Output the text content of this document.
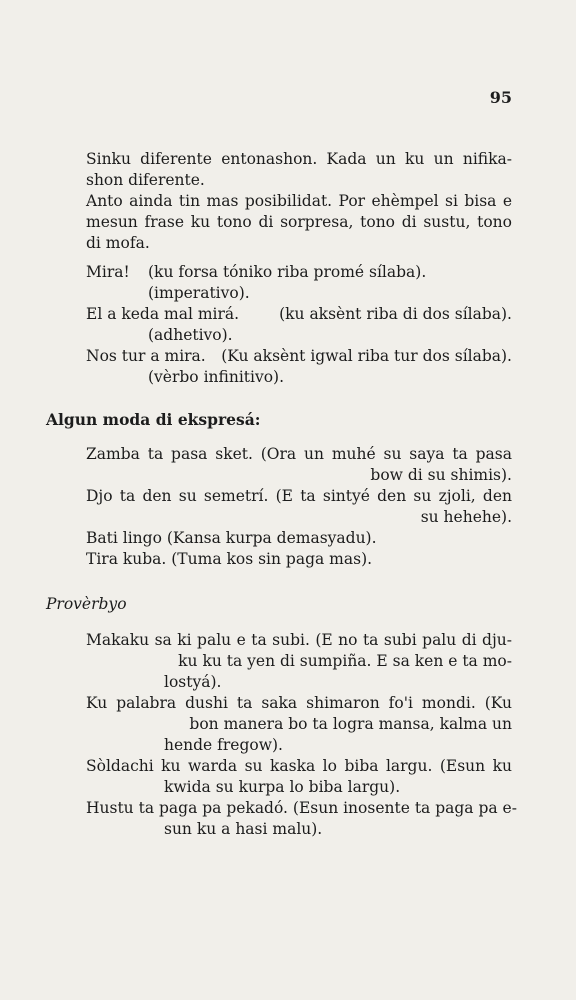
95
Sinku diferente entonashon. Kada un ku un nifika-
shon diferente.
Anto ainda tin mas posibilidat. Por ehèmpel si bisa e
mesun frase ku tono di sorpresa, tono di sustu, tono
di mofa.
Mira! (ku forsa tóniko riba promé sílaba).
(imperativo).
El a keda mal mirá.	(ku aksènt riba di dos sílaba).
(adhetivo).
Nos tur a mira. (Ku aksènt igwal riba tur dos sílaba).
(vèrbo infinitivo).
Algun moda di ekspresá:
Zamba ta pasa sket. (Ora un muhé su saya ta pasa
bow di su shimis).
Djo ta den su semetrí. (E ta sintyé den su zjoli, den
su hehehe).
Bati lingo (Kansa kurpa demasyadu).
Tira kuba. (Tuma kos sin paga mas).
Provèrbyo
Makaku sa ki palu e ta subi. (E no ta subi palu di dju-
ku ku ta yen di sumpiña. E sa ken e ta mo-
lostyá).
Ku palabra dushi ta saka shimaron fo'i mondi. (Ku
bon manera bo ta logra mansa, kalma un
hende fregow).
Sòldachi ku warda su kaska lo biba largu. (Esun ku
kwida su kurpa lo biba largu).
Hustu ta paga pa pekadó. (Esun inosente ta paga pa e-
sun ku a hasi malu).
